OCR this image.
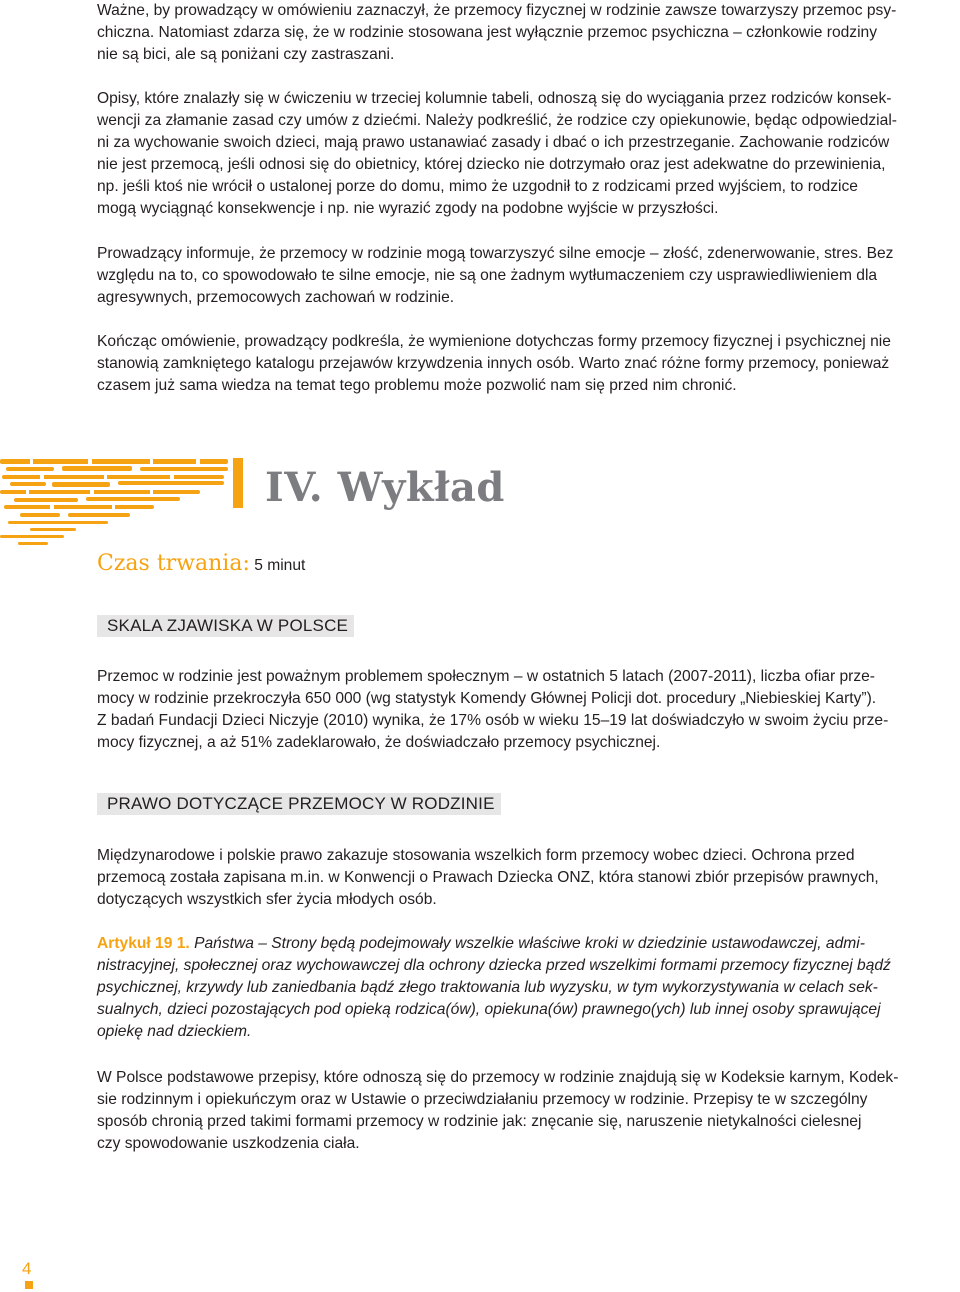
Ważne, by prowadzący w omówieniu zaznaczył, że przemocy fizycznej w rodzinie zawsze towarzyszy przemoc psy-
chiczna. Natomiast zdarza się, że w rodzinie stosowana jest wyłącznie przemoc psychiczna – członkowie rodziny
nie są bici, ale są poniżani czy zastraszani.
Opisy, które znalazły się w ćwiczeniu w trzeciej kolumnie tabeli, odnoszą się do wyciągania przez rodziców konsek-
wencji za złamanie zasad czy umów z dziećmi. Należy podkreślić, że rodzice czy opiekunowie, będąc odpowiedzial-
ni za wychowanie swoich dzieci, mają prawo ustanawiać zasady i dbać o ich przestrzeganie. Zachowanie rodziców
nie jest przemocą, jeśli odnosi się do obietnicy, której dziecko nie dotrzymało oraz jest adekwatne do przewinienia,
np. jeśli ktoś nie wrócił o ustalonej porze do domu, mimo że uzgodnił to z rodzicami przed wyjściem, to rodzice
mogą wyciągnąć konsekwencje i np. nie wyrazić zgody na podobne wyjście w przyszłości.
Prowadzący informuje, że przemocy w rodzinie mogą towarzyszyć silne emocje – złość, zdenerwowanie, stres. Bez
względu na to, co spowodowało te silne emocje, nie są one żadnym wytłumaczeniem czy usprawiedliwieniem dla
agresywnych, przemocowych zachowań w rodzinie.
Kończąc omówienie, prowadzący podkreśla, że wymienione dotychczas formy przemocy fizycznej i psychicznej nie
stanowią zamkniętego katalogu przejawów krzywdzenia innych osób. Warto znać różne formy przemocy, ponieważ
czasem już sama wiedza na temat tego problemu może pozwolić nam się przed nim chronić.
IV. Wykład
Czas trwania: 5 minut
SKALA ZJAWISKA W POLSCE
Przemoc w rodzinie jest poważnym problemem społecznym – w ostatnich 5 latach (2007-2011), liczba ofiar prze-
mocy w rodzinie przekroczyła 650 000 (wg statystyk Komendy Głównej Policji dot. procedury „Niebieskiej Karty”).
Z badań Fundacji Dzieci Niczyje (2010) wynika, że 17% osób w wieku 15–19 lat doświadczyło w swoim życiu prze-
mocy fizycznej, a aż 51% zadeklarowało, że doświadczało przemocy psychicznej.
PRAWO DOTYCZĄCE PRZEMOCY W RODZINIE
Międzynarodowe i polskie prawo zakazuje stosowania wszelkich form przemocy wobec dzieci. Ochrona przed
przemocą została zapisana m.in. w Konwencji o Prawach Dziecka ONZ, która stanowi zbiór przepisów prawnych,
dotyczących wszystkich sfer życia młodych osób.
Artykuł 19 1. Państwa – Strony będą podejmowały wszelkie właściwe kroki w dziedzinie ustawodawczej, admi-
nistracyjnej, społecznej oraz wychowawczej dla ochrony dziecka przed wszelkimi formami przemocy fizycznej bądź
psychicznej, krzywdy lub zaniedbania bądź złego traktowania lub wyzysku, w tym wykorzystywania w celach sek-
sualnych, dzieci pozostających pod opieką rodzica(ów), opiekuna(ów) prawnego(ych) lub innej osoby sprawującej
opiekę nad dzieckiem.
W Polsce podstawowe przepisy, które odnoszą się do przemocy w rodzinie znajdują się w Kodeksie karnym, Kodek-
sie rodzinnym i opiekuńczym oraz w Ustawie o przeciwdziałaniu przemocy w rodzinie. Przepisy te w szczególny
sposób chronią przed takimi formami przemocy w rodzinie jak: znęcanie się, naruszenie nietykalności cielesnej
czy spowodowanie uszkodzenia ciała.
4
